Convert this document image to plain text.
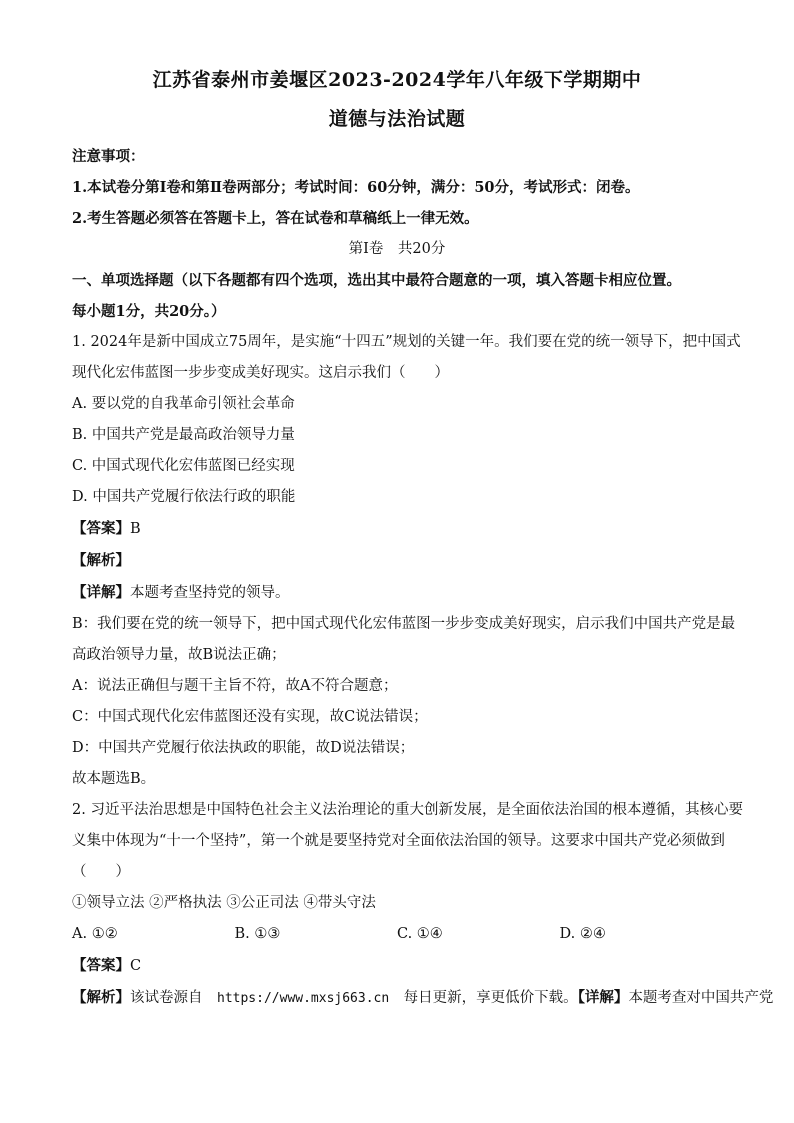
江苏省泰州市姜堰区2023-2024学年八年级下学期期中
道德与法治试题
注意事项：
1.本试卷分第Ⅰ卷和第Ⅱ卷两部分；考试时间：60分钟，满分：50分，考试形式：闭卷。
2.考生答题必须答在答题卡上，答在试卷和草稿纸上一律无效。
第Ⅰ卷　共20分
一、单项选择题（以下各题都有四个选项，选出其中最符合题意的一项，填入答题卡相应位置。
每小题1分，共20分。）
1. 2024年是新中国成立75周年，是实施“十四五”规划的关键一年。我们要在党的统一领导下，把中国式
现代化宏伟蓝图一步步变成美好现实。这启示我们（　　）
A. 要以党的自我革命引领社会革命
B. 中国共产党是最高政治领导力量
C. 中国式现代化宏伟蓝图已经实现
D. 中国共产党履行依法行政的职能
【答案】B
【解析】
【详解】本题考查坚持党的领导。
B：我们要在党的统一领导下，把中国式现代化宏伟蓝图一步步变成美好现实，启示我们中国共产党是最
高政治领导力量，故B说法正确；
A：说法正确但与题干主旨不符，故A不符合题意；
C：中国式现代化宏伟蓝图还没有实现，故C说法错误；
D：中国共产党履行依法执政的职能，故D说法错误；
故本题选B。
2. 习近平法治思想是中国特色社会主义法治理论的重大创新发展，是全面依法治国的根本遵循，其核心要
义集中体现为“十一个坚持”，第一个就是要坚持党对全面依法治国的领导。这要求中国共产党必须做到
（　　）
①领导立法 ②严格执法 ③公正司法 ④带头守法
A. ①②	B. ①③	C. ①④	D. ②④
【答案】C
【解析】该试卷源自　https://www.mxsj663.cn　每日更新，享更低价下载。【详解】本题考查对中国共产党
